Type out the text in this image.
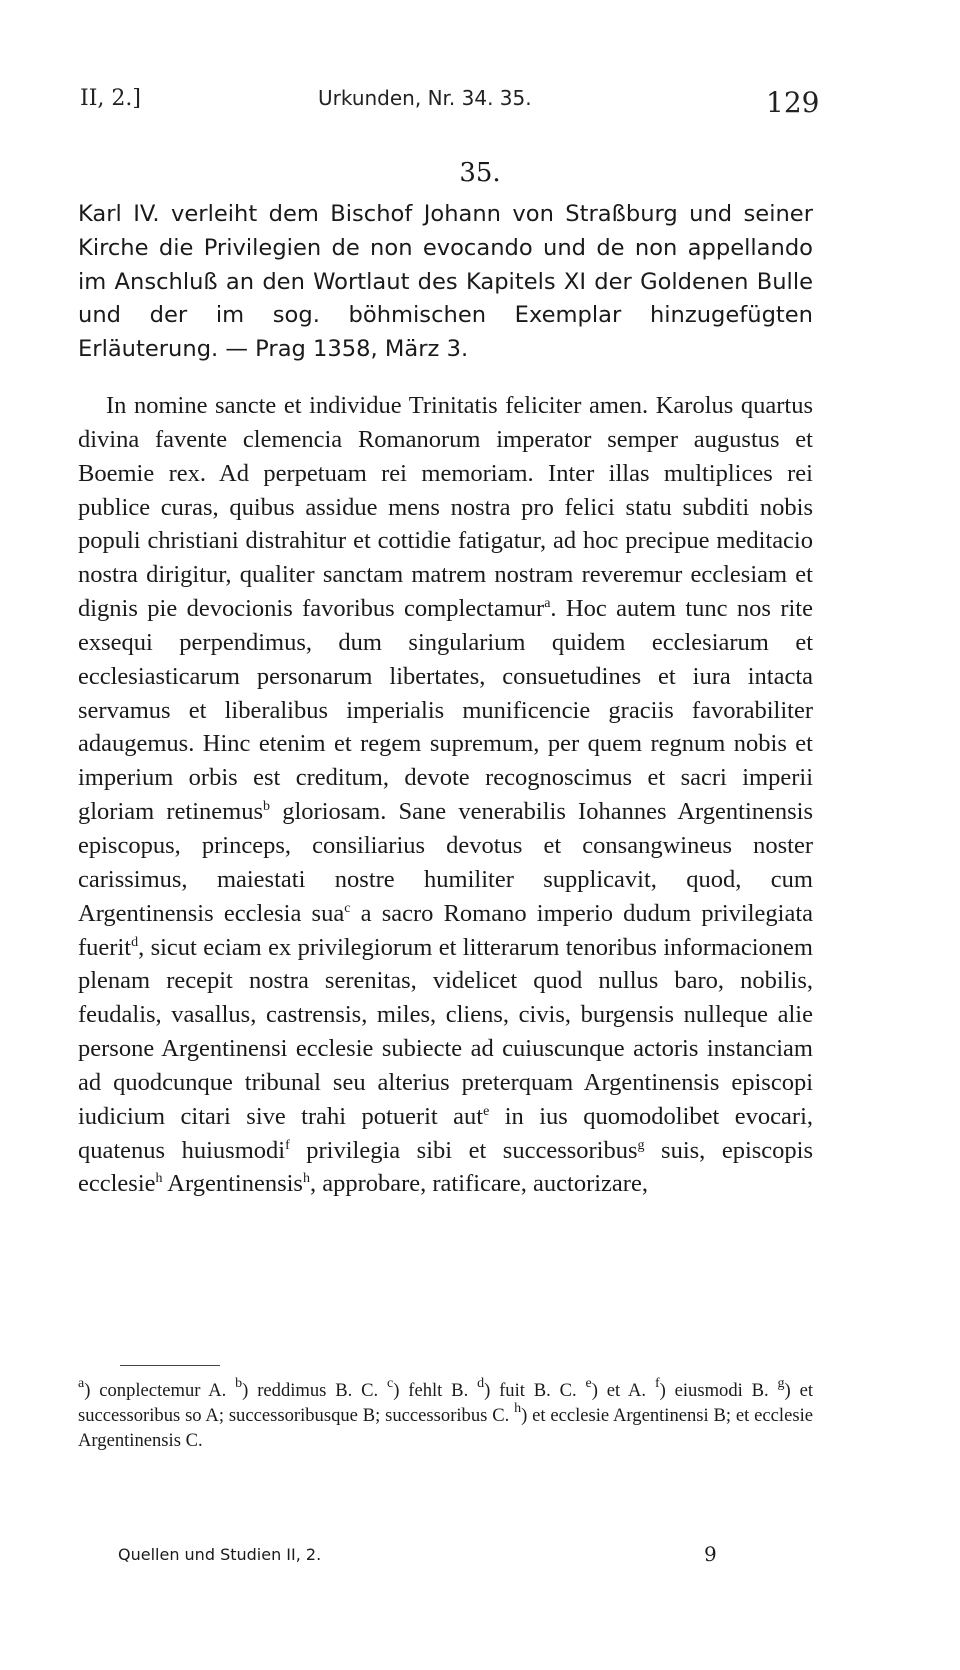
II, 2.]	Urkunden, Nr. 34. 35.	129
35.
Karl IV. verleiht dem Bischof Johann von Straßburg und seiner Kirche die Privilegien de non evocando und de non appellando im Anschluß an den Wortlaut des Kapitels XI der Goldenen Bulle und der im sog. böhmischen Exemplar hinzugefügten Erläuterung. — Prag 1358, März 3.

In nomine sancte et individue Trinitatis feliciter amen. Karolus quartus divina favente clemencia Romanorum imperator semper augustus et Boemie rex. Ad perpetuam rei memoriam. Inter illas multiplices rei publice curas, quibus assidue mens nostra pro felici statu subditi nobis populi christiani distrahitur et cottidie fatigatur, ad hoc precipue meditacio nostra dirigitur, qualiter sanctam matrem nostram reveremur ecclesiam et dignis pie devocionis favoribus complectamur$^a$. Hoc autem tunc nos rite exsequi perpendimus, dum singularium quidem ecclesiarum et ecclesiasticarum personarum libertates, consuetudines et iura intacta servamus et liberalibus imperialis munificencie graciis favorabiliter adaugemus. Hinc etenim et regem supremum, per quem regnum nobis et imperium orbis est creditum, devote recognoscimus et sacri imperii gloriam retinemus$^b$ gloriosam. Sane venerabilis Iohannes Argentinensis episcopus, princeps, consiliarius devotus et consangwineus noster carissimus, maiestati nostre humiliter supplicavit, quod, cum Argentinensis ecclesia sua$^c$ a sacro Romano imperio dudum privilegiata fuerit$^d$, sicut eciam ex privilegiorum et litterarum tenoribus informacionem plenam recepit nostra serenitas, videlicet quod nullus baro, nobilis, feudalis, vasallus, castrensis, miles, cliens, civis, burgensis nulleque alie persone Argentinensi ecclesie subiecte ad cuiuscunque actoris instanciam ad quodcunque tribunal seu alterius preterquam Argentinensis episcopi iudicium citari sive trahi potuerit aut$^e$ in ius quomodolibet evocari, quatenus huiusmodi$^f$ privilegia sibi et successoribus$^g$ suis, episcopis ecclesie$^h$ Argentinensis$^h$, approbare, ratificare, auctorizare,

$^a$) conplectemur A. $^b$) reddimus B. C. $^c$) fehlt B. $^d$) fuit B. C. $^e$) et A. $^f$) eiusmodi B. $^g$) et successoribus so A; successoribusque B; successoribus C. $^h$) et ecclesie Argentinensi B; et ecclesie Argentinensis C.
Quellen und Studien II, 2.	9
